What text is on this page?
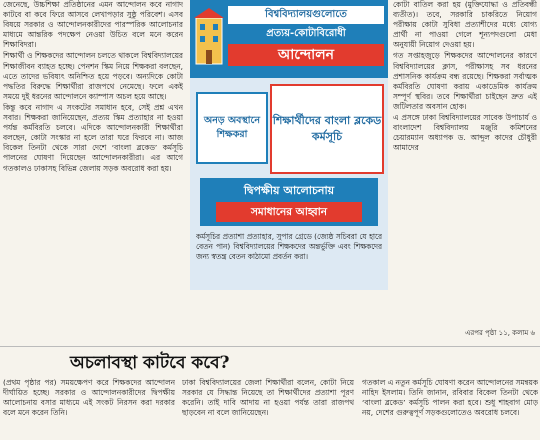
জেনেছে, উচ্চশিক্ষা প্রতিষ্ঠানের এমন আন্দোলন কবে নাগাদ কাটবে বা কবে ফিরে আসবে লেখাপড়ার সুষ্ঠু পরিবেশ। এসব বিষয়ে সরকার ও আন্দোলনকারীদের পারস্পরিক আলোচনার মাধ্যমে আন্তরিক পদক্ষেপ নেওয়া উচিত বলে মনে করেন শিক্ষাবিদরা।

শিক্ষার্থী ও শিক্ষকদের আন্দোলন চলতে থাকলে বিশ্ববিদ্যালয়ের শিক্ষাজীবন ব্যাহত হচ্ছে। পেনশন স্কিম নিয়ে শিক্ষকরা বলছেন, এতে তাদের ভবিষ্যৎ অনিশ্চিত হয়ে পড়বে। অন্যদিকে কোটা পদ্ধতির বিরুদ্ধে শিক্ষার্থীরা রাজপথে নেমেছে। ফলে একই সময়ে দুই ধরনের আন্দোলনে ক্যাম্পাস অচল হয়ে আছে।

কিন্তু কবে নাগাদ এ সংকটের সমাধান হবে, সেই প্রশ্ন এখন সবার। শিক্ষকরা জানিয়েছেন, প্রত্যয় স্কিম প্রত্যাহার না হওয়া পর্যন্ত কর্মবিরতি চলবে। এদিকে আন্দোলনকারী শিক্ষার্থীরা বলছেন, কোটা সংস্কার না হলে তারা ঘরে ফিরবে না। আজ বিকেল তিনটা থেকে সারা দেশে ‘বাংলা ব্লকেড’ কর্মসূচি পালনের ঘোষণা দিয়েছেন আন্দোলনকারীরা। এর আগে গতকালও ঢাকাসহ বিভিন্ন জেলায় সড়ক অবরোধ করা হয়।

বিশ্ববিদ্যালয়গুলোতে
প্রত্যয়-কোটাবিরোধী
আন্দোলন
অনড় অবস্থানে শিক্ষকরা
শিক্ষার্থীদের বাংলা ব্লকেড কর্মসূচি
দ্বিপক্ষীয় আলোচনায়
সমাধানের আহ্বান
কর্মসূচির প্রত্যাশা প্রত্যাহার, সুপার গ্রেডে (জ্যেষ্ঠ সচিবরা যে হারে বেতন পান) বিশ্ববিদ্যালয়ের শিক্ষকদের অন্তর্ভুক্তি এবং শিক্ষকদের জন্য স্বতন্ত্র বেতন কাঠামো প্রবর্তন করা।

কোটা বাতিল করা হয় (মুক্তিযোদ্ধা ও প্রতিবন্ধী ব্যতীত)। তবে, সরকারি চাকরিতে নিয়োগ পরীক্ষায় কোটা সুবিধা প্রত্যাশীদের মধ্যে যোগ্য প্রার্থী না পাওয়া গেলে শূন্যপদগুলো মেধা অনুযায়ী নিয়োগ দেওয়া হয়।

গত সপ্তাহজুড়ে শিক্ষকদের আন্দোলনের কারণে বিশ্ববিদ্যালয়ের ক্লাস, পরীক্ষাসহ সব ধরনের প্রশাসনিক কার্যক্রম বন্ধ রয়েছে। শিক্ষকরা সর্বাত্মক কর্মবিরতি ঘোষণা করায় একাডেমিক কার্যক্রম সম্পূর্ণ স্থবির। তবে শিক্ষার্থীরা চাইছেন দ্রুত এই জটিলতার অবসান হোক।

এ প্রসঙ্গে ঢাকা বিশ্ববিদ্যালয়ের সাবেক উপাচার্য ও বাংলাদেশ বিশ্ববিদ্যালয় মঞ্জুরি কমিশনের চেয়ারম্যান অধ্যাপক ড. আব্দুল কাদের চৌধুরী আমাদের

এরপর পৃষ্ঠা ১১, কলাম ৬
অচলাবস্থা কাটবে কবে?

(প্রথম পৃষ্ঠার পর) সময়ক্ষেপণ করে শিক্ষকদের আন্দোলন দীর্ঘায়িত হচ্ছে। সরকার ও আন্দোলনকারীদের দ্বিপক্ষীয় আলোচনায় বসার মাধ্যমে এই সংকট নিরসন করা দরকার বলে মনে করেন তিনি।

ঢাকা বিশ্ববিদ্যালয়ের জেলা শিক্ষার্থীরা বলেন, কোটা নিয়ে সরকার যে সিদ্ধান্ত নিয়েছে তা শিক্ষার্থীদের প্রত্যাশা পূরণ করেনি। তাই দাবি আদায় না হওয়া পর্যন্ত তারা রাজপথ ছাড়বেন না বলে জানিয়েছেন।

গতকাল এ নতুন কর্মসূচি ঘোষণা করেন আন্দোলনের সমন্বয়ক নাহিদ ইসলাম। তিনি জানান, রবিবার বিকেল তিনটা থেকে ‘বাংলা ব্লকেড’ কর্মসূচি পালন করা হবে। শুধু শাহবাগ মোড় নয়, দেশের গুরুত্বপূর্ণ সড়কগুলোতেও অবরোধ চলবে।
